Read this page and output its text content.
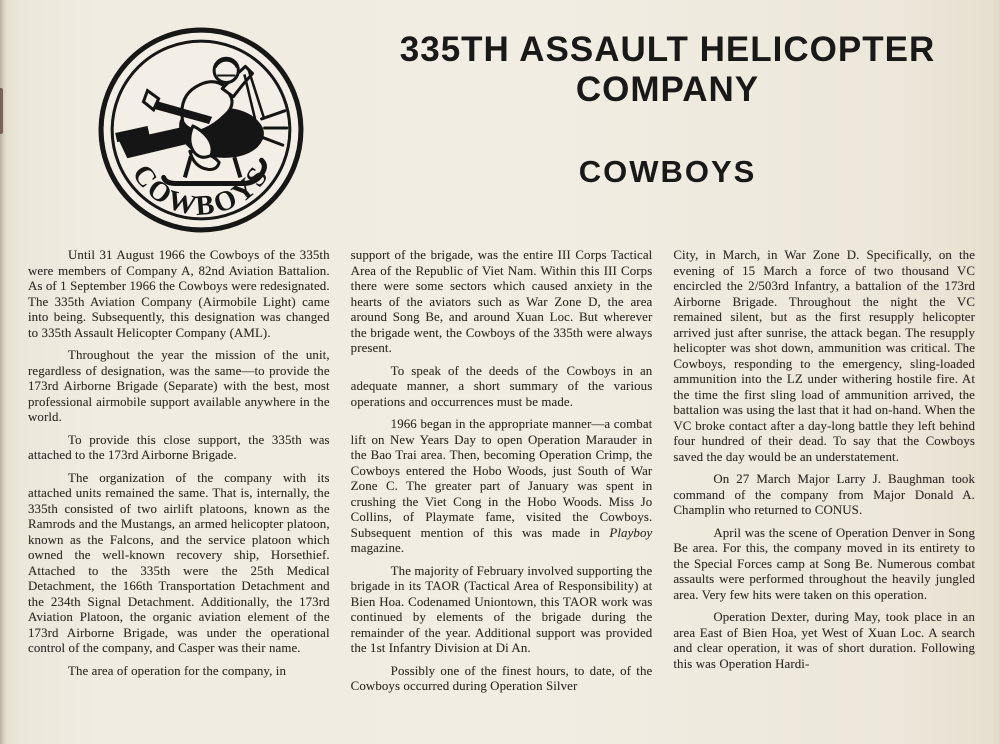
COWBOYS
335TH ASSAULT HELICOPTER
COMPANY
COWBOYS

Until 31 August 1966 the Cowboys of the 335th were members of Company A, 82nd Aviation Battalion. As of 1 September 1966 the Cowboys were redesignated. The 335th Aviation Company (Airmobile Light) came into being. Subsequently, this designation was changed to 335th Assault Helicopter Company (AML).

Throughout the year the mission of the unit, regardless of designation, was the same—to provide the 173rd Airborne Brigade (Separate) with the best, most professional airmobile support available anywhere in the world.

To provide this close support, the 335th was attached to the 173rd Airborne Brigade.

The organization of the company with its attached units remained the same. That is, internally, the 335th consisted of two airlift platoons, known as the Ramrods and the Mustangs, an armed helicopter platoon, known as the Falcons, and the service platoon which owned the well-known recovery ship, Horsethief. Attached to the 335th were the 25th Medical Detachment, the 166th Transportation Detachment and the 234th Signal Detachment. Additionally, the 173rd Aviation Platoon, the organic aviation element of the 173rd Airborne Brigade, was under the operational control of the company, and Casper was their name.

The area of operation for the company, in

support of the brigade, was the entire III Corps Tactical Area of the Republic of Viet Nam. Within this III Corps there were some sectors which caused anxiety in the hearts of the aviators such as War Zone D, the area around Song Be, and around Xuan Loc. But wherever the brigade went, the Cowboys of the 335th were always present.

To speak of the deeds of the Cowboys in an adequate manner, a short summary of the various operations and occurrences must be made.

1966 began in the appropriate manner—a combat lift on New Years Day to open Operation Marauder in the Bao Trai area. Then, becoming Operation Crimp, the Cowboys entered the Hobo Woods, just South of War Zone C. The greater part of January was spent in crushing the Viet Cong in the Hobo Woods. Miss Jo Collins, of Playmate fame, visited the Cowboys. Subsequent mention of this was made in Playboy magazine.

The majority of February involved supporting the brigade in its TAOR (Tactical Area of Responsibility) at Bien Hoa. Codenamed Uniontown, this TAOR work was continued by elements of the brigade during the remainder of the year. Additional support was provided the 1st Infantry Division at Di An.

Possibly one of the finest hours, to date, of the Cowboys occurred during Operation Silver

City, in March, in War Zone D. Specifically, on the evening of 15 March a force of two thousand VC encircled the 2/503rd Infantry, a battalion of the 173rd Airborne Brigade. Throughout the night the VC remained silent, but as the first resupply helicopter arrived just after sunrise, the attack began. The resupply helicopter was shot down, ammunition was critical. The Cowboys, responding to the emergency, sling-loaded ammunition into the LZ under withering hostile fire. At the time the first sling load of ammunition arrived, the battalion was using the last that it had on-hand. When the VC broke contact after a day-long battle they left behind four hundred of their dead. To say that the Cowboys saved the day would be an understatement.

On 27 March Major Larry J. Baughman took command of the company from Major Donald A. Champlin who returned to CONUS.

April was the scene of Operation Denver in Song Be area. For this, the company moved in its entirety to the Special Forces camp at Song Be. Numerous combat assaults were performed throughout the heavily jungled area. Very few hits were taken on this operation.

Operation Dexter, during May, took place in an area East of Bien Hoa, yet West of Xuan Loc. A search and clear operation, it was of short duration. Following this was Operation Hardi-
